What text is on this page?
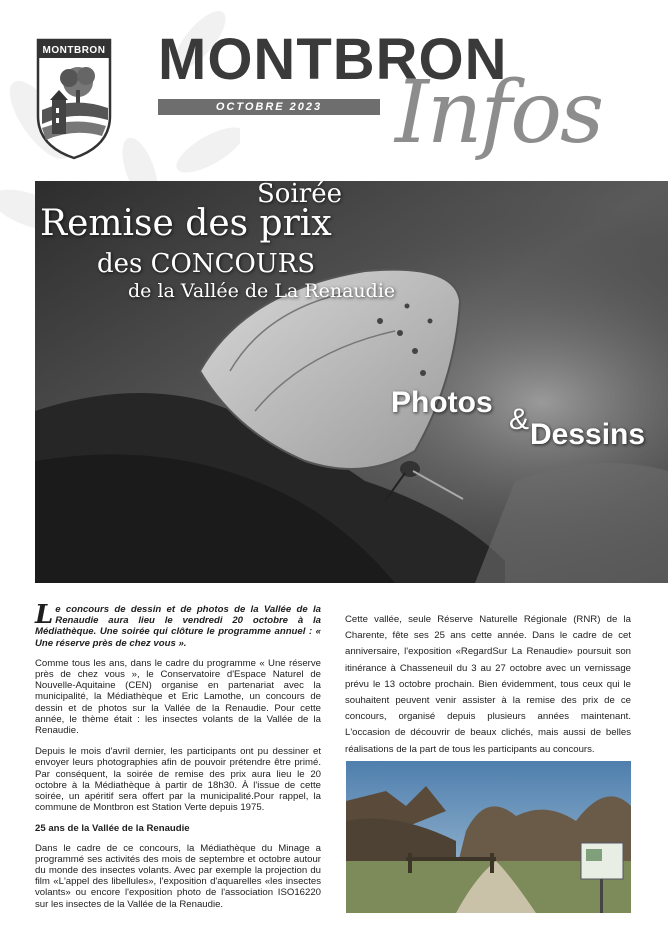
MONTBRON MONTBRON
OCTOBRE 2023 Infos
Soirée
Remise des prix
des CONCOURS
de la Vallée de La Renaudie
Photos
& Dessins

Le concours de dessin et de photos de la Vallée de la Renaudie aura lieu le vendredi 20 octobre à la Médiathèque. Une soirée qui clôture le programme annuel : « Une réserve près de chez vous ».

Comme tous les ans, dans le cadre du programme « Une réserve près de chez vous », le Conservatoire d'Espace Naturel de Nouvelle-Aquitaine (CEN) organise en partenariat avec la municipalité, la Médiathèque et Eric Lamothe, un concours de dessin et de photos sur la Vallée de la Renaudie. Pour cette année, le thème était : les insectes volants de la Vallée de la Renaudie.

Depuis le mois d'avril dernier, les participants ont pu dessiner et envoyer leurs photographies afin de pouvoir prétendre être primé. Par conséquent, la soirée de remise des prix aura lieu le 20 octobre à la Médiathèque à partir de 18h30. À l'issue de cette soirée, un apéritif sera offert par la municipalité.Pour rappel, la commune de Montbron est Station Verte depuis 1975.

25 ans de la Vallée de la Renaudie

Dans le cadre de ce concours, la Médiathèque du Minage a programmé ses activités des mois de septembre et octobre autour du monde des insectes volants. Avec par exemple la projection du film «L'appel des libellules», l'exposition d'aquarelles «les insectes volants» ou encore l'exposition photo de l'association ISO16220 sur les insectes de la Vallée de la Renaudie.

Cette vallée, seule Réserve Naturelle Régionale (RNR) de la Charente, fête ses 25 ans cette année. Dans le cadre de cet anniversaire, l'exposition «RegardSur La Renaudie» poursuit son itinérance à Chasseneuil du 3 au 27 octobre avec un vernissage prévu le 13 octobre prochain. Bien évidemment, tous ceux qui le souhaitent peuvent venir assister à la remise des prix de ce concours, organisé depuis plusieurs années maintenant. L'occasion de découvrir de beaux clichés, mais aussi de belles réalisations de la part de tous les participants au concours.
